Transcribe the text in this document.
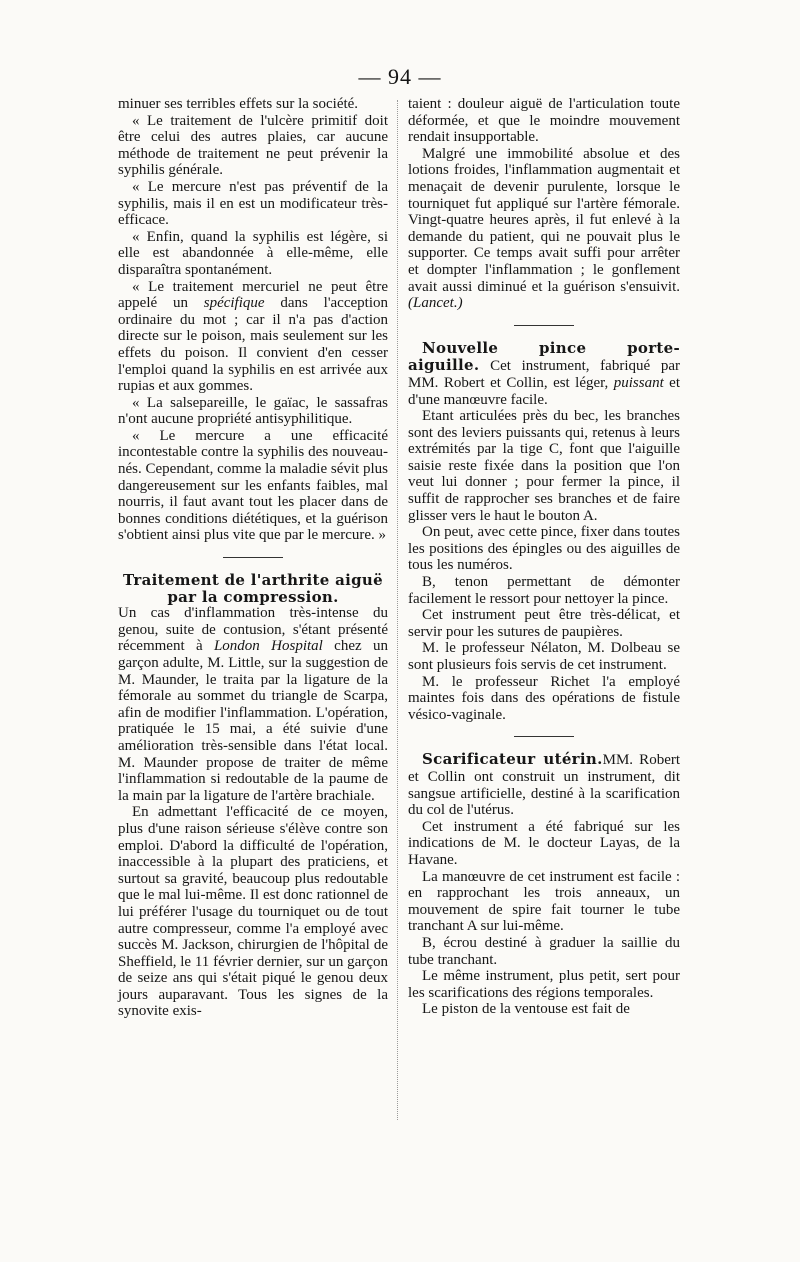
— 94 —

minuer ses terribles effets sur la société.

« Le traitement de l'ulcère primitif doit être celui des autres plaies, car aucune méthode de traitement ne peut prévenir la syphilis générale.

« Le mercure n'est pas préventif de la syphilis, mais il en est un modificateur très-efficace.

« Enfin, quand la syphilis est légère, si elle est abandonnée à elle-même, elle disparaîtra spontanément.

« Le traitement mercuriel ne peut être appelé un spécifique dans l'acception ordinaire du mot ; car il n'a pas d'action directe sur le poison, mais seulement sur les effets du poison. Il convient d'en cesser l'emploi quand la syphilis en est arrivée aux rupias et aux gommes.

« La salsepareille, le gaïac, le sassafras n'ont aucune propriété antisyphilitique.

« Le mercure a une efficacité incontestable contre la syphilis des nouveau-nés. Cependant, comme la maladie sévit plus dangereusement sur les enfants faibles, mal nourris, il faut avant tout les placer dans de bonnes conditions diététiques, et la guérison s'obtient ainsi plus vite que par le mercure. »

Traitement de l'arthrite aiguë par la compression.

Un cas d'inflammation très-intense du genou, suite de contusion, s'étant présenté récemment à London Hospital chez un garçon adulte, M. Little, sur la suggestion de M. Maunder, le traita par la ligature de la fémorale au sommet du triangle de Scarpa, afin de modifier l'inflammation. L'opération, pratiquée le 15 mai, a été suivie d'une amélioration très-sensible dans l'état local. M. Maunder propose de traiter de même l'inflammation si redoutable de la paume de la main par la ligature de l'artère brachiale.

En admettant l'efficacité de ce moyen, plus d'une raison sérieuse s'élève contre son emploi. D'abord la difficulté de l'opération, inaccessible à la plupart des praticiens, et surtout sa gravité, beaucoup plus redoutable que le mal lui-même. Il est donc rationnel de lui préférer l'usage du tourniquet ou de tout autre compresseur, comme l'a employé avec succès M. Jackson, chirurgien de l'hôpital de Sheffield, le 11 février dernier, sur un garçon de seize ans qui s'était piqué le genou deux jours auparavant. Tous les signes de la synovite exis-

taient : douleur aiguë de l'articulation toute déformée, et que le moindre mouvement rendait insupportable.

Malgré une immobilité absolue et des lotions froides, l'inflammation augmentait et menaçait de devenir purulente, lorsque le tourniquet fut appliqué sur l'artère fémorale. Vingt-quatre heures après, il fut enlevé à la demande du patient, qui ne pouvait plus le supporter. Ce temps avait suffi pour arrêter et dompter l'inflammation ; le gonflement avait aussi diminué et la guérison s'ensuivit. (Lancet.)

Nouvelle pince porte-aiguille. Cet instrument, fabriqué par MM. Robert et Collin, est léger, puissant et d'une manœuvre facile.

Etant articulées près du bec, les branches sont des leviers puissants qui, retenus à leurs extrémités par la tige C, font que l'aiguille saisie reste fixée dans la position que l'on veut lui donner ; pour fermer la pince, il suffit de rapprocher ses branches et de faire glisser vers le haut le bouton A.

On peut, avec cette pince, fixer dans toutes les positions des épingles ou des aiguilles de tous les numéros.

B, tenon permettant de démonter facilement le ressort pour nettoyer la pince.

Cet instrument peut être très-délicat, et servir pour les sutures de paupières.

M. le professeur Nélaton, M. Dolbeau se sont plusieurs fois servis de cet instrument.

M. le professeur Richet l'a employé maintes fois dans des opérations de fistule vésico-vaginale.

Scarificateur utérin.MM. Robert et Collin ont construit un instrument, dit sangsue artificielle, destiné à la scarification du col de l'utérus.

Cet instrument a été fabriqué sur les indications de M. le docteur Layas, de la Havane.

La manœuvre de cet instrument est facile : en rapprochant les trois anneaux, un mouvement de spire fait tourner le tube tranchant A sur lui-même.

B, écrou destiné à graduer la saillie du tube tranchant.

Le même instrument, plus petit, sert pour les scarifications des régions temporales.

Le piston de la ventouse est fait de
